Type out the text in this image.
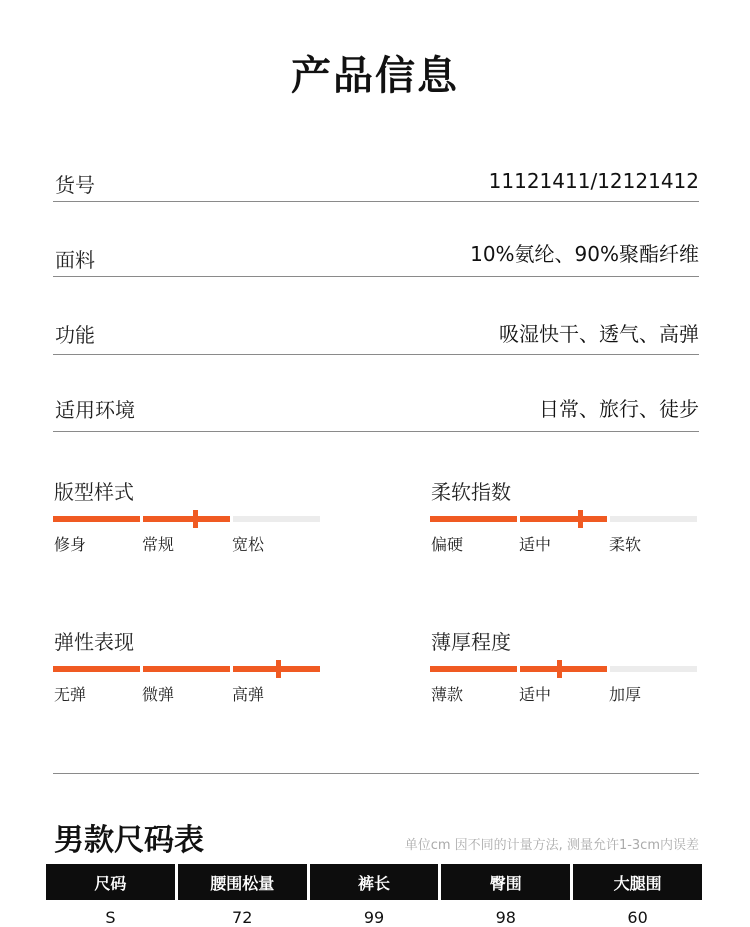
产品信息
货号	11121411/12121412
面料	10%氨纶、90%聚酯纤维
功能	吸湿快干、透气、高弹
适用环境	日常、旅行、徒步
版型样式
修身	常规	宽松
柔软指数
偏硬	适中	柔软
弹性表现
无弹	微弹	高弹
薄厚程度
薄款	适中	加厚
男款尺码表	单位cm 因不同的计量方法, 测量允许1-3cm内误差
尺码	腰围松量	裤长	臀围	大腿围
S	72	99	98	60
